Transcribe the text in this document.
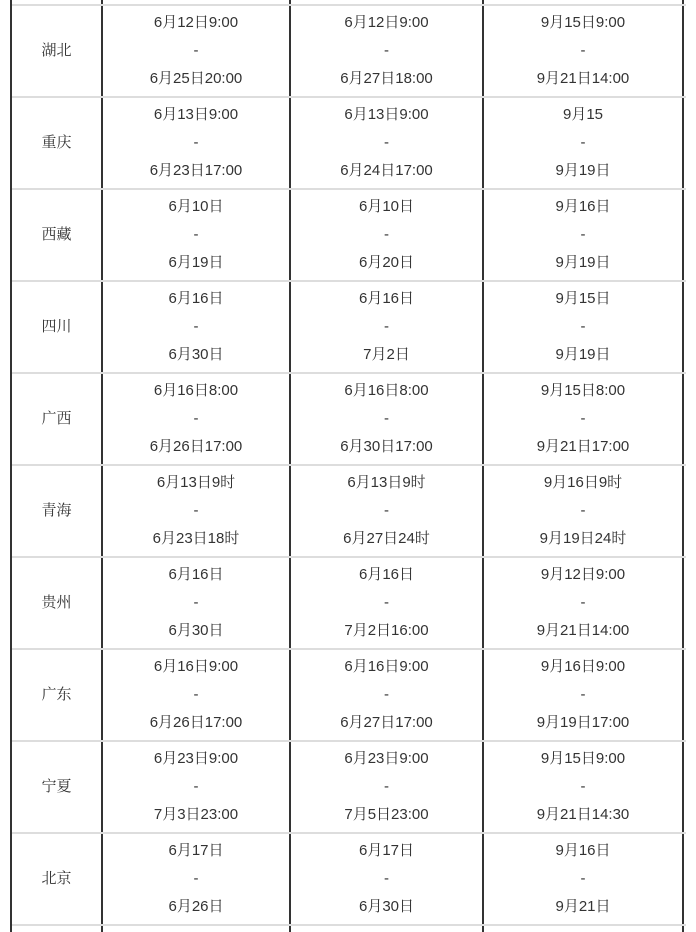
湖北
6月12日9:00
-
6月25日20:00
6月12日9:00
-
6月27日18:00
9月15日9:00
-
9月21日14:00
重庆
6月13日9:00
-
6月23日17:00
6月13日9:00
-
6月24日17:00
9月15
-
9月19日
西藏
6月10日
-
6月19日
6月10日
-
6月20日
9月16日
-
9月19日
四川
6月16日
-
6月30日
6月16日
-
7月2日
9月15日
-
9月19日
广西
6月16日8:00
-
6月26日17:00
6月16日8:00
-
6月30日17:00
9月15日8:00
-
9月21日17:00
青海
6月13日9时
-
6月23日18时
6月13日9时
-
6月27日24时
9月16日9时
-
9月19日24时
贵州
6月16日
-
6月30日
6月16日
-
7月2日16:00
9月12日9:00
-
9月21日14:00
广东
6月16日9:00
-
6月26日17:00
6月16日9:00
-
6月27日17:00
9月16日9:00
-
9月19日17:00
宁夏
6月23日9:00
-
7月3日23:00
6月23日9:00
-
7月5日23:00
9月15日9:00
-
9月21日14:30
北京
6月17日
-
6月26日
6月17日
-
6月30日
9月16日
-
9月21日
